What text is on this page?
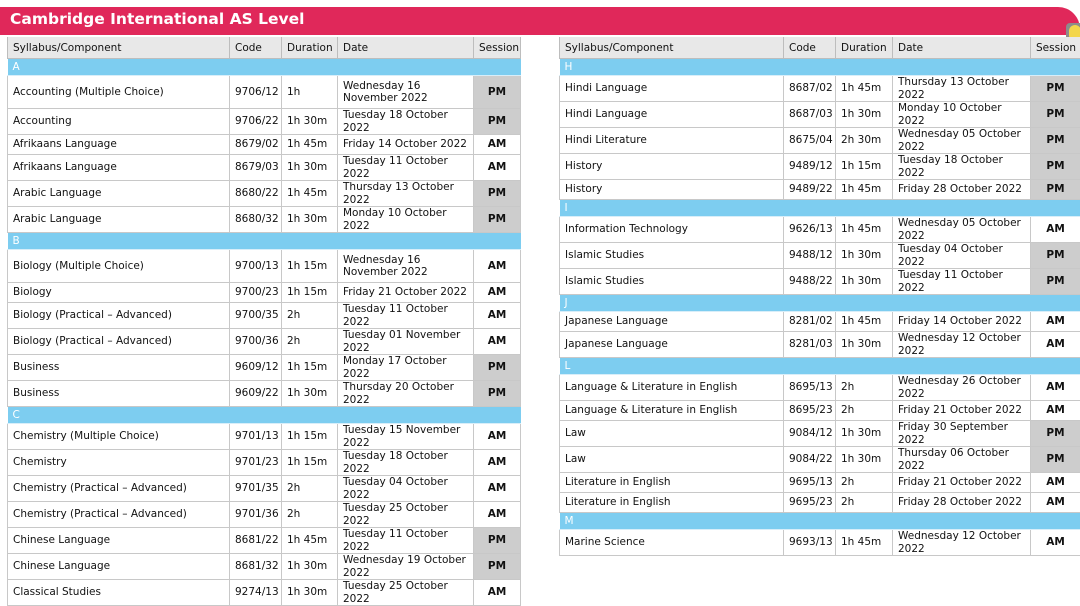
Cambridge International AS Level
Syllabus/Component	Code	Duration	Date	Session
A				
Accounting (Multiple Choice)	9706/12	1h	Wednesday 16 November 2022	PM
Accounting	9706/22	1h 30m	Tuesday 18 October 2022	PM
Afrikaans Language	8679/02	1h 45m	Friday 14 October 2022	AM
Afrikaans Language	8679/03	1h 30m	Tuesday 11 October 2022	AM
Arabic Language	8680/22	1h 45m	Thursday 13 October 2022	PM
Arabic Language	8680/32	1h 30m	Monday 10 October 2022	PM
B				
Biology (Multiple Choice)	9700/13	1h 15m	Wednesday 16 November 2022	AM
Biology	9700/23	1h 15m	Friday 21 October 2022	AM
Biology (Practical – Advanced)	9700/35	2h	Tuesday 11 October 2022	AM
Biology (Practical – Advanced)	9700/36	2h	Tuesday 01 November 2022	AM
Business	9609/12	1h 15m	Monday 17 October 2022	PM
Business	9609/22	1h 30m	Thursday 20 October 2022	PM
C				
Chemistry (Multiple Choice)	9701/13	1h 15m	Tuesday 15 November 2022	AM
Chemistry	9701/23	1h 15m	Tuesday 18 October 2022	AM
Chemistry (Practical – Advanced)	9701/35	2h	Tuesday 04 October 2022	AM
Chemistry (Practical – Advanced)	9701/36	2h	Tuesday 25 October 2022	AM
Chinese Language	8681/22	1h 45m	Tuesday 11 October 2022	PM
Chinese Language	8681/32	1h 30m	Wednesday 19 October 2022	PM
Classical Studies	9274/13	1h 30m	Tuesday 25 October 2022	AM
Syllabus/Component	Code	Duration	Date	Session
H				
Hindi Language	8687/02	1h 45m	Thursday 13 October 2022	PM
Hindi Language	8687/03	1h 30m	Monday 10 October 2022	PM
Hindi Literature	8675/04	2h 30m	Wednesday 05 October 2022	PM
History	9489/12	1h 15m	Tuesday 18 October 2022	PM
History	9489/22	1h 45m	Friday 28 October 2022	PM
I				
Information Technology	9626/13	1h 45m	Wednesday 05 October 2022	AM
Islamic Studies	9488/12	1h 30m	Tuesday 04 October 2022	PM
Islamic Studies	9488/22	1h 30m	Tuesday 11 October 2022	PM
J				
Japanese Language	8281/02	1h 45m	Friday 14 October 2022	AM
Japanese Language	8281/03	1h 30m	Wednesday 12 October 2022	AM
L				
Language & Literature in English	8695/13	2h	Wednesday 26 October 2022	AM
Language & Literature in English	8695/23	2h	Friday 21 October 2022	AM
Law	9084/12	1h 30m	Friday 30 September 2022	PM
Law	9084/22	1h 30m	Thursday 06 October 2022	PM
Literature in English	9695/13	2h	Friday 21 October 2022	AM
Literature in English	9695/23	2h	Friday 28 October 2022	AM
M				
Marine Science	9693/13	1h 45m	Wednesday 12 October 2022	AM
